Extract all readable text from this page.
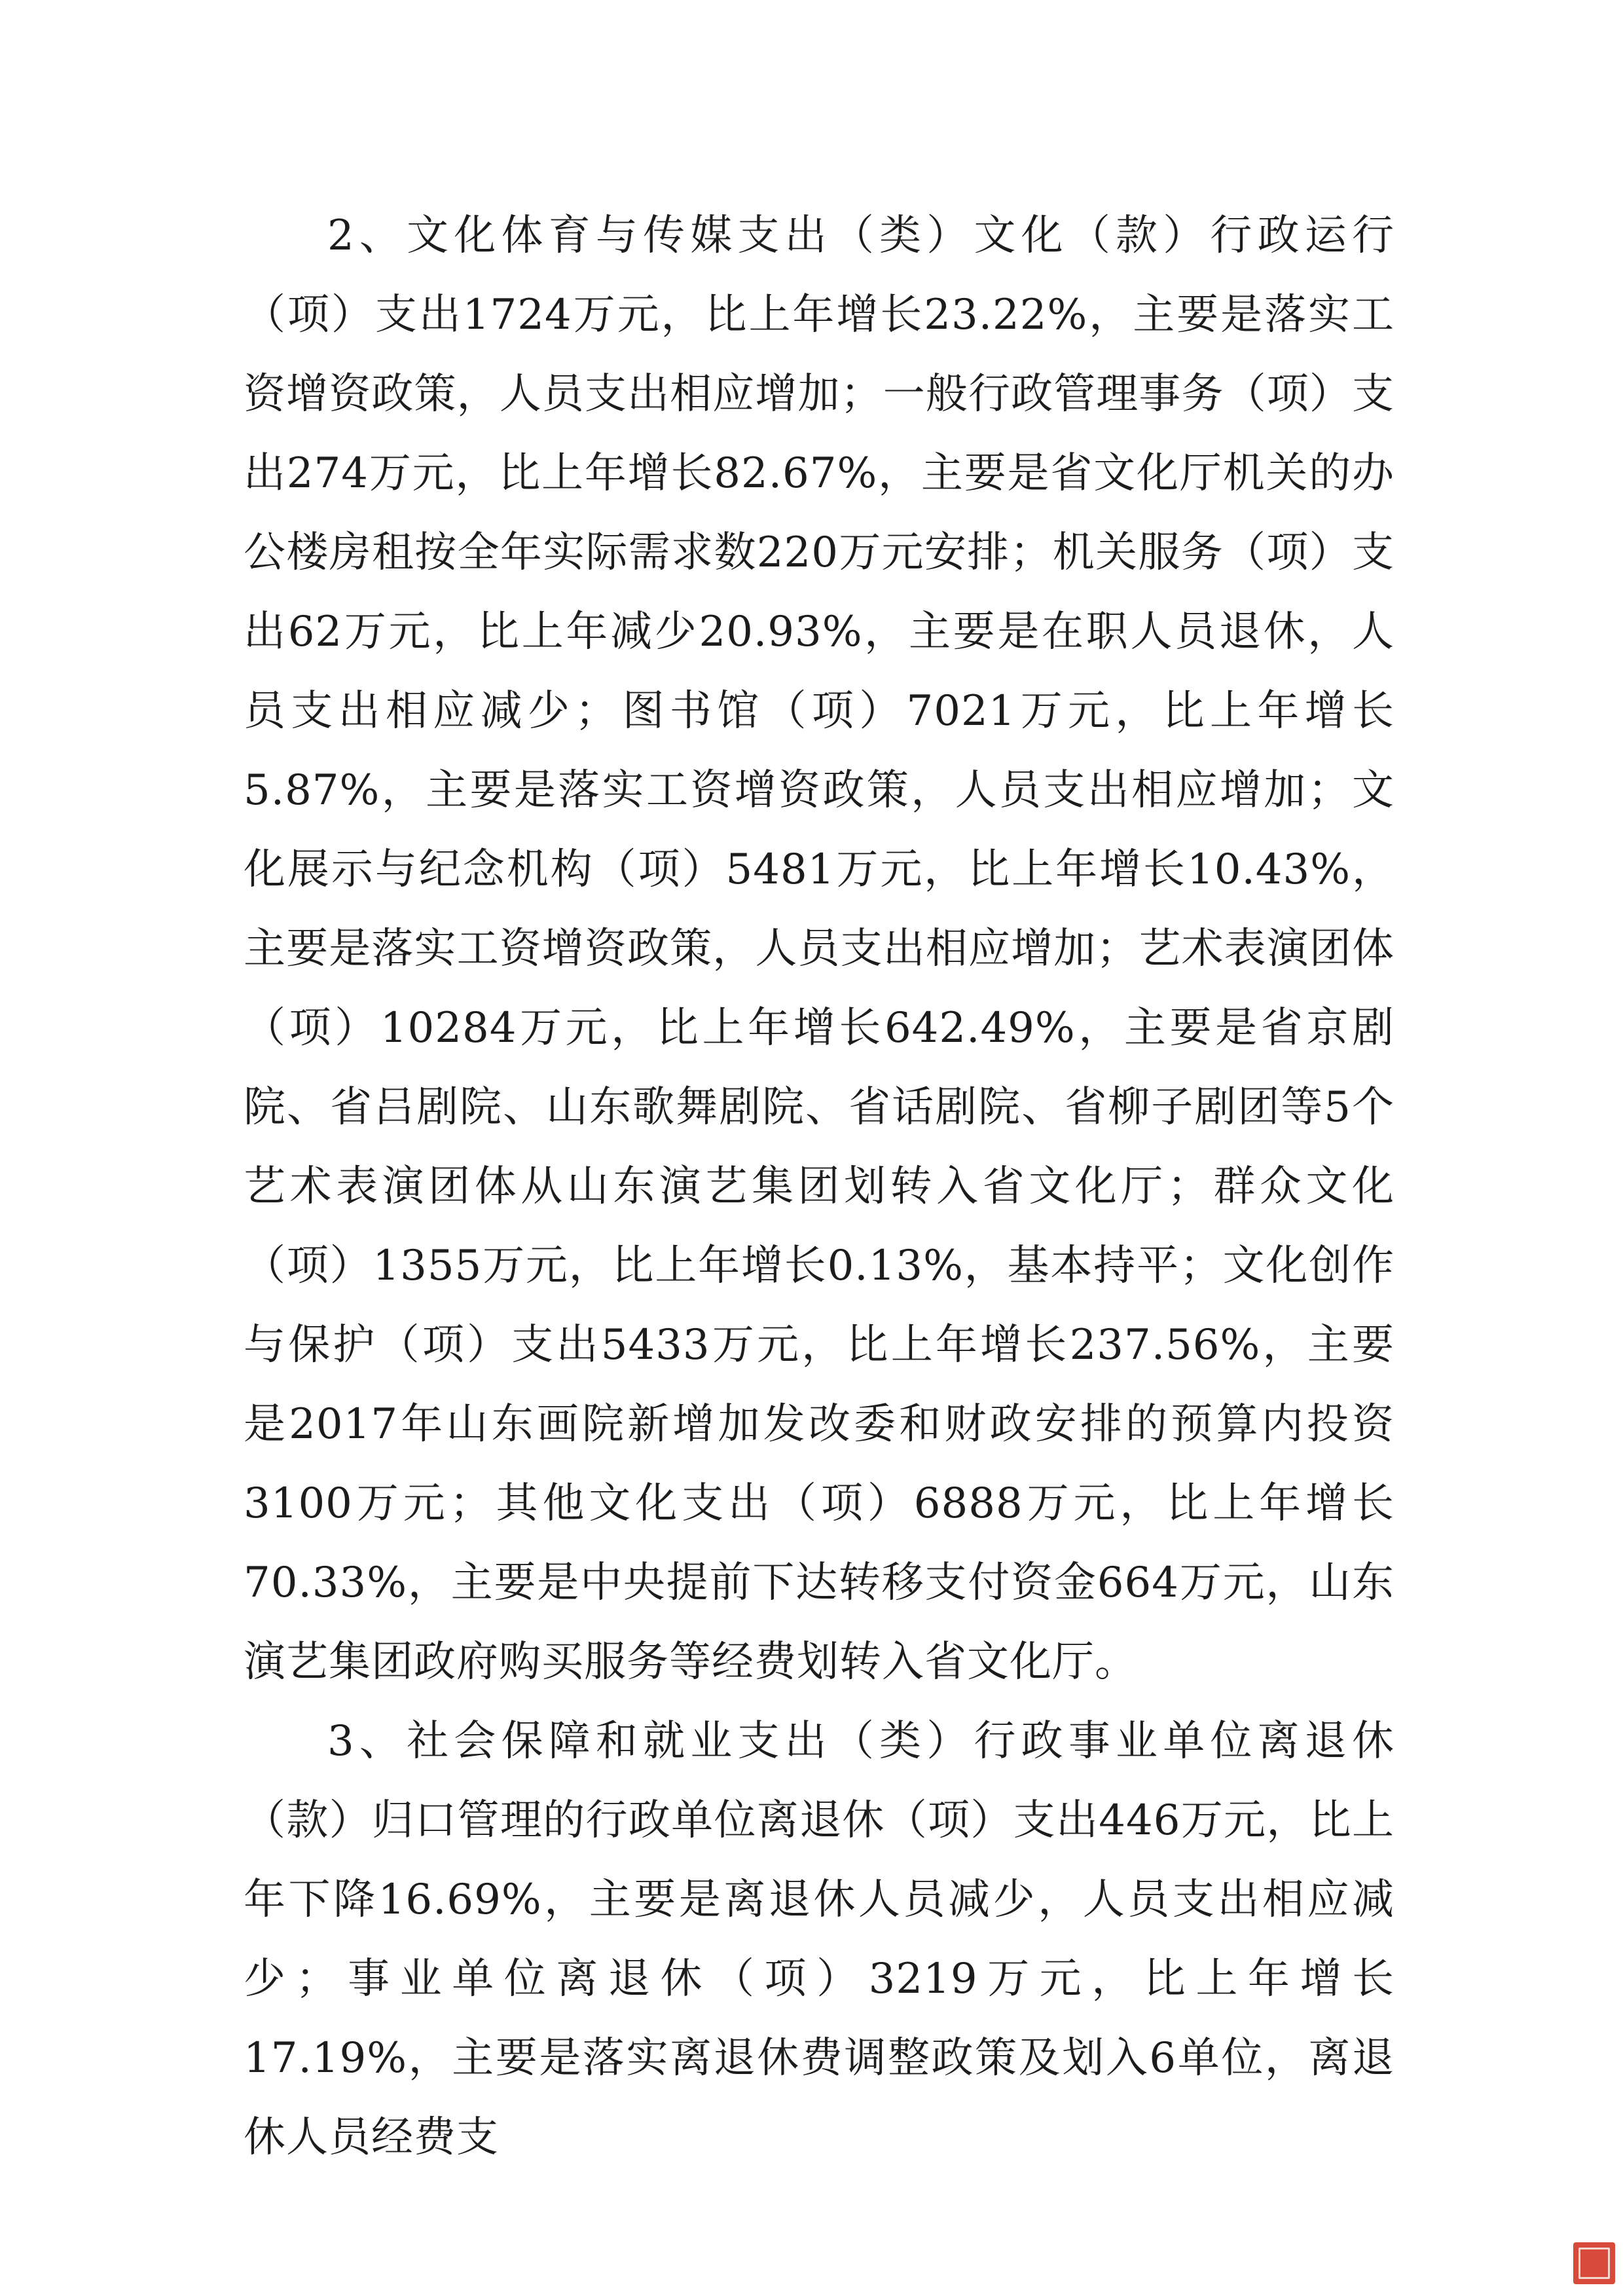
2、文化体育与传媒支出（类）文化（款）行政运行（项）支出1724万元，比上年增长23.22%，主要是落实工资增资政策，人员支出相应增加；一般行政管理事务（项）支出274万元，比上年增长82.67%，主要是省文化厅机关的办公楼房租按全年实际需求数220万元安排；机关服务（项）支出62万元，比上年减少20.93%，主要是在职人员退休，人员支出相应减少；图书馆（项）7021万元，比上年增长5.87%，主要是落实工资增资政策，人员支出相应增加；文化展示与纪念机构（项）5481万元，比上年增长10.43%，主要是落实工资增资政策，人员支出相应增加；艺术表演团体（项）10284万元，比上年增长642.49%，主要是省京剧院、省吕剧院、山东歌舞剧院、省话剧院、省柳子剧团等5个艺术表演团体从山东演艺集团划转入省文化厅；群众文化（项）1355万元，比上年增长0.13%，基本持平；文化创作与保护（项）支出5433万元，比上年增长237.56%，主要是2017年山东画院新增加发改委和财政安排的预算内投资3100万元；其他文化支出（项）6888万元，比上年增长70.33%，主要是中央提前下达转移支付资金664万元，山东演艺集团政府购买服务等经费划转入省文化厅。

3、社会保障和就业支出（类）行政事业单位离退休（款）归口管理的行政单位离退休（项）支出446万元，比上年下降16.69%，主要是离退休人员减少，人员支出相应减少；事业单位离退休（项）3219万元，比上年增长17.19%，主要是落实离退休费调整政策及划入6单位，离退休人员经费支
